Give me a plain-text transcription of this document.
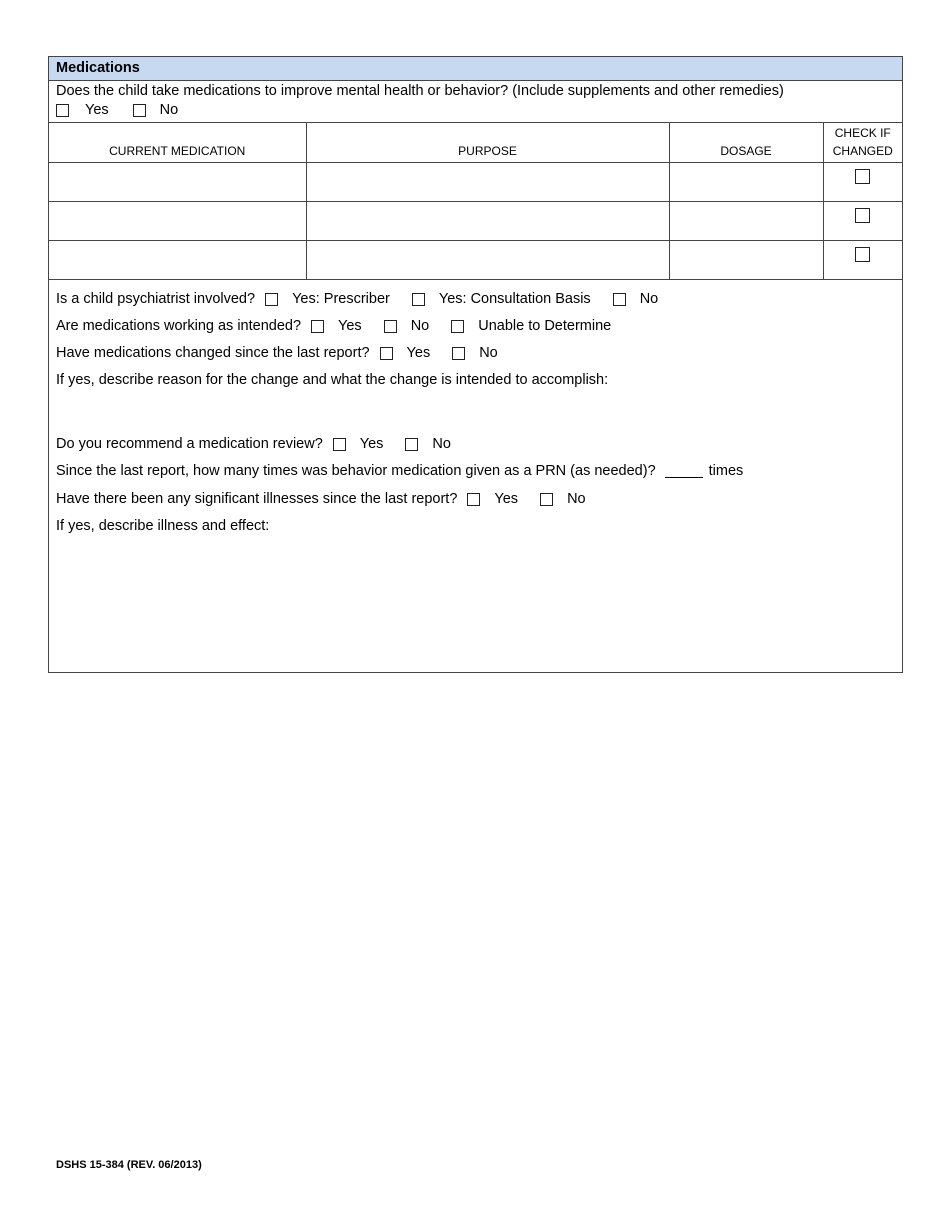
Medications
Does the child take medications to improve mental health or behavior? (Include supplements and other remedies)
Yes	No
CURRENT MEDICATION	PURPOSE	DOSAGE	CHECK IF
CHANGED

Is a child psychiatrist involved?	Yes: Prescriber	Yes: Consultation Basis	No
Are medications working as intended?	Yes	No	Unable to Determine
Have medications changed since the last report?	Yes	No
If yes, describe reason for the change and what the change is intended to accomplish:
Do you recommend a medication review?	Yes	No
Since the last report, how many times was behavior medication given as a PRN (as needed)?	times
Have there been any significant illnesses since the last report?	Yes	No
If yes, describe illness and effect:
DSHS 15-384 (REV. 06/2013)
